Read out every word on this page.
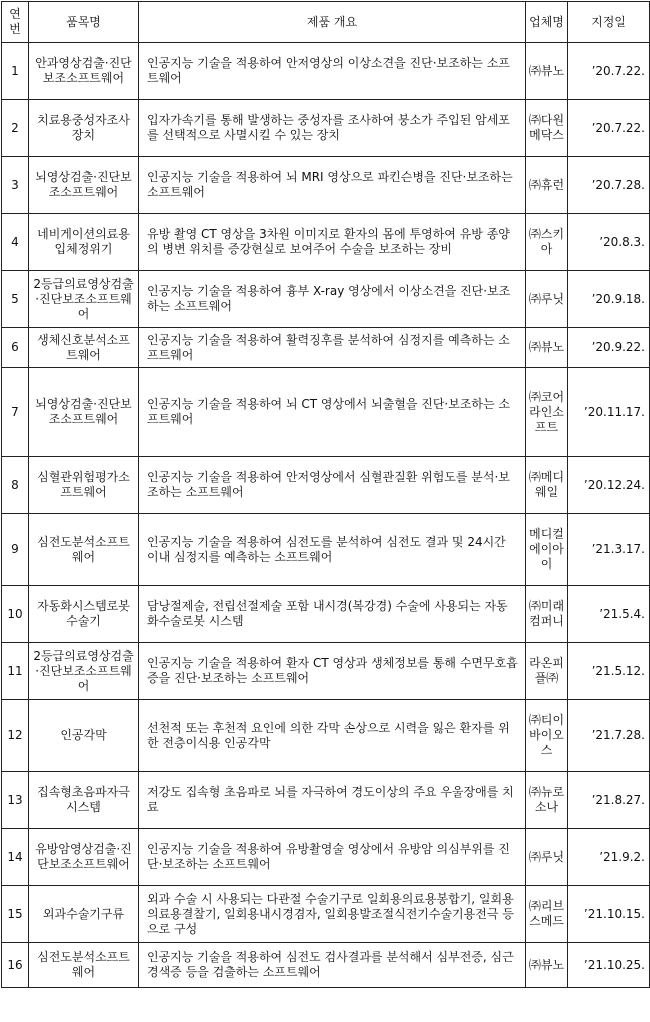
연번	품목명	제품 개요	업체명	지정일
1	안과영상검출·진단보조소프트웨어	인공지능 기술을 적용하여 안저영상의 이상소견을 진단·보조하는 소프트웨어	㈜뷰노	’20.7.22.
2	치료용중성자조사장치	입자가속기를 통해 발생하는 중성자를 조사하여 붕소가 주입된 암세포를 선택적으로 사멸시킬 수 있는 장치	㈜다원메닥스	’20.7.22.
3	뇌영상검출·진단보조소프트웨어	인공지능 기술을 적용하여 뇌 MRI 영상으로 파킨슨병을 진단·보조하는 소프트웨어	㈜휴런	’20.7.28.
4	네비게이션의료용입체정위기	유방 촬영 CT 영상을 3차원 이미지로 환자의 몸에 투영하여 유방 종양의 병변 위치를 증강현실로 보여주어 수술을 보조하는 장비	㈜스키아	’20.8.3.
5	2등급의료영상검출·진단보조소프트웨어	인공지능 기술을 적용하여 흉부 X-ray 영상에서 이상소견을 진단·보조하는 소프트웨어	㈜루닛	’20.9.18.
6	생체신호분석소프트웨어	인공지능 기술을 적용하여 활력징후를 분석하여 심정지를 예측하는 소프트웨어	㈜뷰노	’20.9.22.
7	뇌영상검출·진단보조소프트웨어	인공지능 기술을 적용하여 뇌 CT 영상에서 뇌출혈을 진단·보조하는 소프트웨어	㈜코어라인소프트	’20.11.17.
8	심혈관위험평가소프트웨어	인공지능 기술을 적용하여 안저영상에서 심혈관질환 위험도를 분석·보조하는 소프트웨어	㈜메디웨일	’20.12.24.
9	심전도분석소프트웨어	인공지능 기술을 적용하여 심전도를 분석하여 심전도 결과 및 24시간 이내 심정지를 예측하는 소프트웨어	메디컬에이아이	’21.3.17.
10	자동화시스템로봇수술기	담낭절제술, 전립선절제술 포함 내시경(복강경) 수술에 사용되는 자동화수술로봇 시스템	㈜미래컴퍼니	’21.5.4.
11	2등급의료영상검출·진단보조소프트웨어	인공지능 기술을 적용하여 환자 CT 영상과 생체정보를 통해 수면무호흡증을 진단·보조하는 소프트웨어	라온피플㈜	’21.5.12.
12	인공각막	선천적 또는 후천적 요인에 의한 각막 손상으로 시력을 잃은 환자를 위한 전층이식용 인공각막	㈜티이바이오스	’21.7.28.
13	집속형초음파자극시스템	저강도 집속형 초음파로 뇌를 자극하여 경도이상의 주요 우울장애를 치료	㈜뉴로소나	’21.8.27.
14	유방암영상검출·진단보조소프트웨어	인공지능 기술을 적용하여 유방촬영술 영상에서 유방암 의심부위를 진단·보조하는 소프트웨어	㈜루닛	’21.9.2.
15	외과수술기구류	외과 수술 시 사용되는 다관절 수술기구로 일회용의료용봉합기, 일회용의료용결찰기, 일회용내시경겸자, 일회용발조절식전기수술기용전극 등으로 구성	㈜리브스메드	’21.10.15.
16	심전도분석소프트웨어	인공지능 기술을 적용하여 심전도 검사결과를 분석해서 심부전증, 심근경색증 등을 검출하는 소프트웨어	㈜뷰노	’21.10.25.
